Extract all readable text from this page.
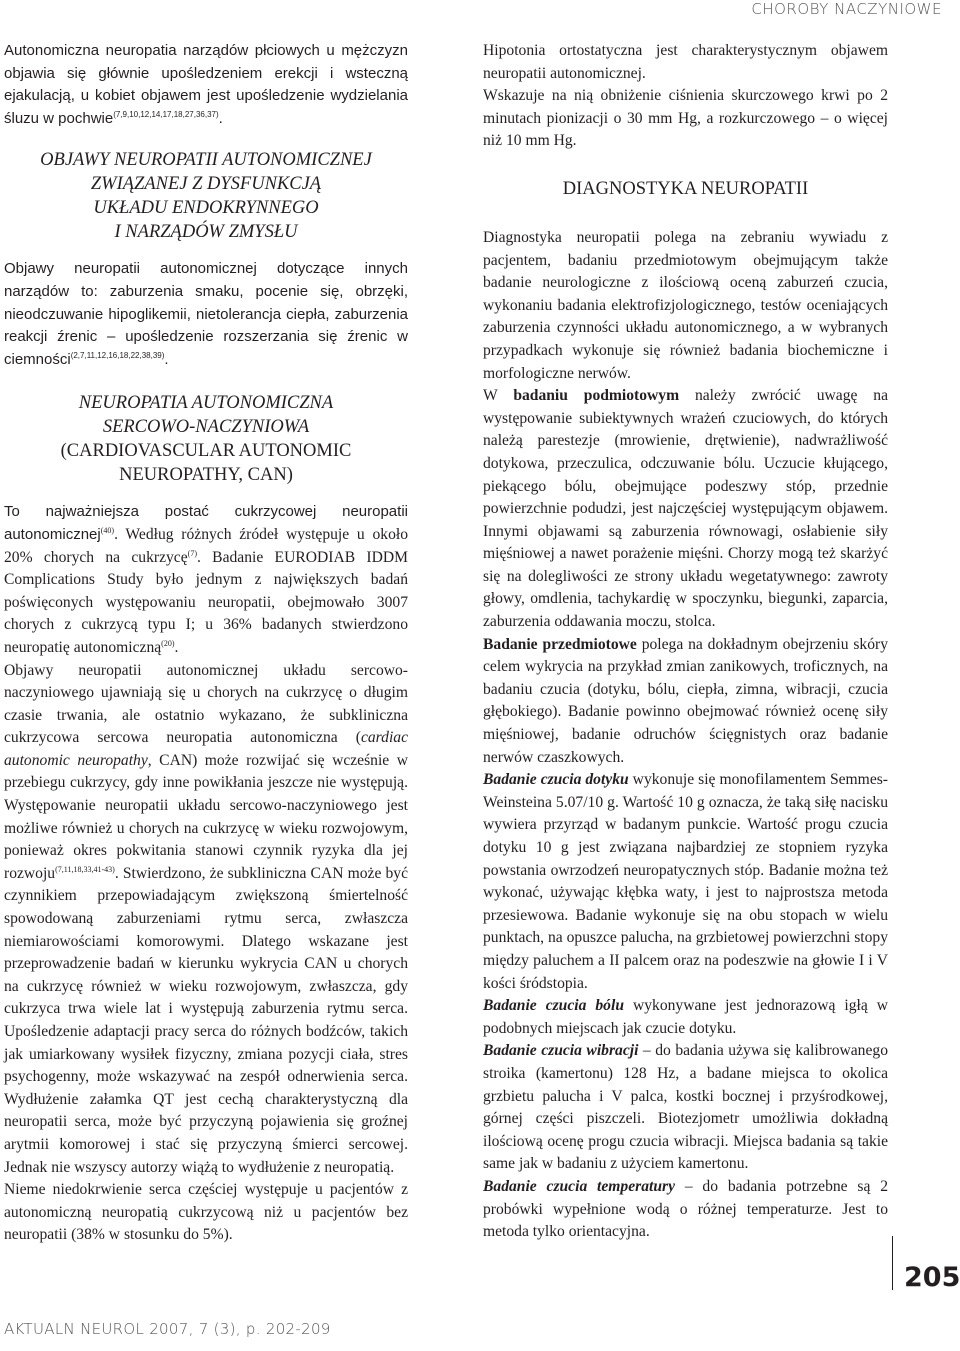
CHOROBY NACZYNIOWE

Autonomiczna neuropatia narządów płciowych u mężczyzn objawia się głównie upośledzeniem erekcji i wsteczną ejakulacją, u kobiet objawem jest upośledzenie wydzielania śluzu w pochwie$^{(7,9,10,12,14,17,18,27,36,37)}$.

OBJAWY NEUROPATII AUTONOMICZNEJ
ZWIĄZANEJ Z DYSFUNKCJĄ
UKŁADU ENDOKRYNNEGO
I NARZĄDÓW ZMYSŁU

Objawy neuropatii autonomicznej dotyczące innych narządów to: zaburzenia smaku, pocenie się, obrzęki, nieodczuwanie hipoglikemii, nietolerancja ciepła, zaburzenia reakcji źrenic – upośledzenie rozszerzania się źrenic w ciemności$^{(2,7,11,12,16,18,22,38,39)}$.

NEUROPATIA AUTONOMICZNA
SERCOWO-NACZYNIOWA
(CARDIOVASCULAR AUTONOMIC
NEUROPATHY, CAN)

To najważniejsza postać cukrzycowej neuropatii autonomicznej$^{(40)}$. Według różnych źródeł występuje u około 20% chorych na cukrzycę$^{(7)}$. Badanie EURODIAB IDDM Complications Study było jednym z największych badań poświęconych występowaniu neuropatii, obejmowało 3007 chorych z cukrzycą typu I; u 36% badanych stwierdzono neuropatię autonomiczną$^{(20)}$.

Objawy neuropatii autonomicznej układu sercowo-naczyniowego ujawniają się u chorych na cukrzycę o długim czasie trwania, ale ostatnio wykazano, że subkliniczna cukrzycowa sercowa neuropatia autonomiczna (cardiac autonomic neuropathy, CAN) może rozwijać się wcześnie w przebiegu cukrzycy, gdy inne powikłania jeszcze nie występują. Występowanie neuropatii układu sercowo-naczyniowego jest możliwe również u chorych na cukrzycę w wieku rozwojowym, ponieważ okres pokwitania stanowi czynnik ryzyka dla jej rozwoju$^{(7,11,18,33,41-43)}$. Stwierdzono, że subkliniczna CAN może być czynnikiem przepowiadającym zwiększoną śmiertelność spowodowaną zaburzeniami rytmu serca, zwłaszcza niemiarowościami komorowymi. Dlatego wskazane jest przeprowadzenie badań w kierunku wykrycia CAN u chorych na cukrzycę również w wieku rozwojowym, zwłaszcza, gdy cukrzyca trwa wiele lat i występują zaburzenia rytmu serca. Upośledzenie adaptacji pracy serca do różnych bodźców, takich jak umiarkowany wysiłek fizyczny, zmiana pozycji ciała, stres psychogenny, może wskazywać na zespół odnerwienia serca. Wydłużenie załamka QT jest cechą charakterystyczną dla neuropatii serca, może być przyczyną pojawienia się groźnej arytmii komorowej i stać się przyczyną śmierci sercowej. Jednak nie wszyscy autorzy wiążą to wydłużenie z neuropatią.

Nieme niedokrwienie serca częściej występuje u pacjentów z autonomiczną neuropatią cukrzycową niż u pacjentów bez neuropatii (38% w stosunku do 5%).

Hipotonia ortostatyczna jest charakterystycznym objawem neuropatii autonomicznej.

Wskazuje na nią obniżenie ciśnienia skurczowego krwi po 2 minutach pionizacji o 30 mm Hg, a rozkurczowego – o więcej niż 10 mm Hg.

DIAGNOSTYKA NEUROPATII

Diagnostyka neuropatii polega na zebraniu wywiadu z pacjentem, badaniu przedmiotowym obejmującym także badanie neurologiczne z ilościową oceną zaburzeń czucia, wykonaniu badania elektrofizjologicznego, testów oceniających zaburzenia czynności układu autonomicznego, a w wybranych przypadkach wykonuje się również badania biochemiczne i morfologiczne nerwów.

W badaniu podmiotowym należy zwrócić uwagę na występowanie subiektywnych wrażeń czuciowych, do których należą parestezje (mrowienie, drętwienie), nadwrażliwość dotykowa, przeczulica, odczuwanie bólu. Uczucie kłującego, piekącego bólu, obejmujące podeszwy stóp, przednie powierzchnie podudzi, jest najczęściej występującym objawem. Innymi objawami są zaburzenia równowagi, osłabienie siły mięśniowej a nawet porażenie mięśni. Chorzy mogą też skarżyć się na dolegliwości ze strony układu wegetatywnego: zawroty głowy, omdlenia, tachykardię w spoczynku, biegunki, zaparcia, zaburzenia oddawania moczu, stolca.

Badanie przedmiotowe polega na dokładnym obejrzeniu skóry celem wykrycia na przykład zmian zanikowych, troficznych, na badaniu czucia (dotyku, bólu, ciepła, zimna, wibracji, czucia głębokiego). Badanie powinno obejmować również ocenę siły mięśniowej, badanie odruchów ścięgnistych oraz badanie nerwów czaszkowych.

Badanie czucia dotyku wykonuje się monofilamentem Semmes-Weinsteina 5.07/10 g. Wartość 10 g oznacza, że taką siłę nacisku wywiera przyrząd w badanym punkcie. Wartość progu czucia dotyku 10 g jest związana najbardziej ze stopniem ryzyka powstania owrzodzeń neuropatycznych stóp. Badanie można też wykonać, używając kłębka waty, i jest to najprostsza metoda przesiewowa. Badanie wykonuje się na obu stopach w wielu punktach, na opuszce palucha, na grzbietowej powierzchni stopy między paluchem a II palcem oraz na podeszwie na głowie I i V kości śródstopia.

Badanie czucia bólu wykonywane jest jednorazową igłą w podobnych miejscach jak czucie dotyku.

Badanie czucia wibracji – do badania używa się kalibrowanego stroika (kamertonu) 128 Hz, a badane miejsca to okolica grzbietu palucha i V palca, kostki bocznej i przyśrodkowej, górnej części piszczeli. Biotezjometr umożliwia dokładną ilościową ocenę progu czucia wibracji. Miejsca badania są takie same jak w badaniu z użyciem kamertonu.

Badanie czucia temperatury – do badania potrzebne są 2 probówki wypełnione wodą o różnej temperaturze. Jest to metoda tylko orientacyjna.

205
AKTUALN NEUROL 2007, 7 (3), p. 202-209
